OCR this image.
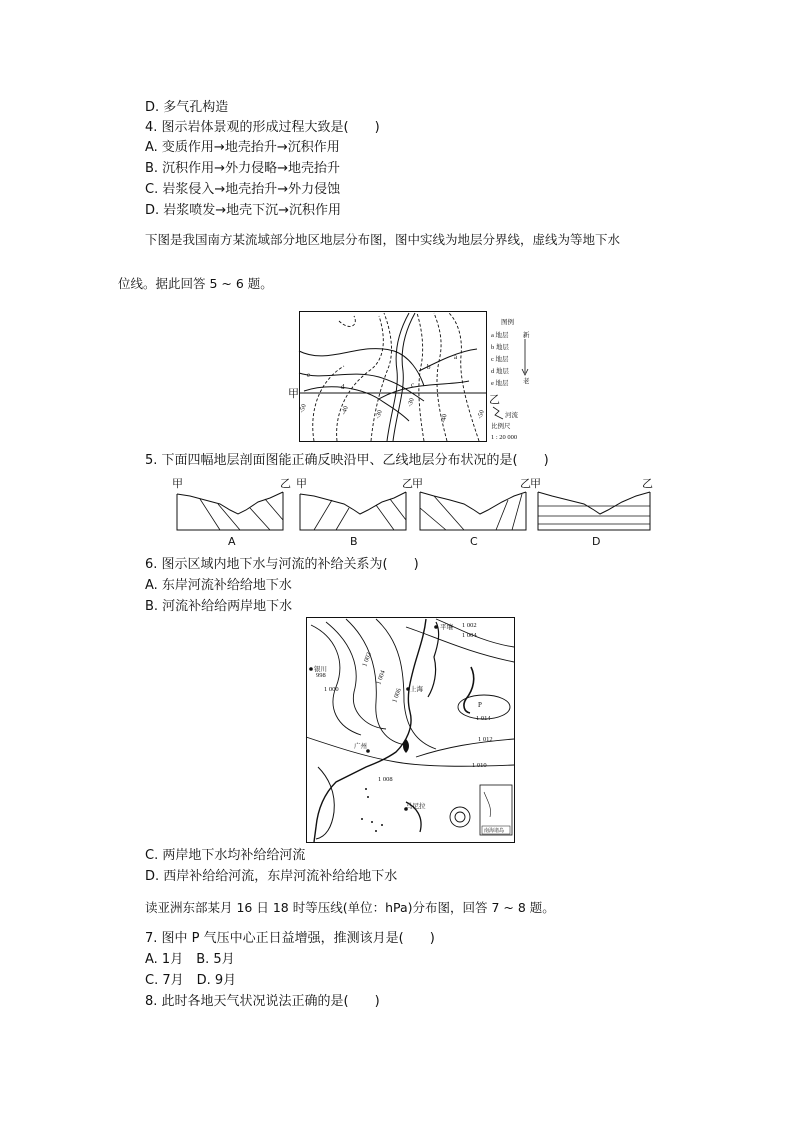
D. 多气孔构造
4. 图示岩体景观的形成过程大致是(　　)
A. 变质作用→地壳抬升→沉积作用
B. 沉积作用→外力侵略→地壳抬升
C. 岩浆侵入→地壳抬升→外力侵蚀
D. 岩浆喷发→地壳下沉→沉积作用
下图是我国南方某流域部分地区地层分布图，图中实线为地层分界线，虚线为等地下水
位线。据此回答 5 ~ 6 题。
甲	乙
a
b
c
d
e
-50	-40	-30
-30
-40	-50
图例
a 地层
b 地层
c 地层
d 地层
e 地层
新
老
河流
比例尺
1 : 20 000
5. 下面四幅地层剖面图能正确反映沿甲、乙线地层分布状况的是(　　)
甲	乙
A
甲	乙
B
甲	乙
C
甲	乙
D
6. 图示区域内地下水与河流的补给关系为(　　)
A. 东岸河流补给给地下水
B. 河流补给给两岸地下水
1 002
1 004
998
1 000
1 002
1 004
1 006
1 008
1 010
1 012
1 014
P
平壤
银川
上海
广州
马尼拉
南海诸岛
C. 两岸地下水均补给给河流
D. 西岸补给给河流，东岸河流补给给地下水
读亚洲东部某月 16 日 18 时等压线(单位：hPa)分布图，回答 7 ~ 8 题。
7. 图中 P 气压中心正日益增强，推测该月是(　　)
A. 1月　B. 5月
C. 7月　D. 9月
8. 此时各地天气状况说法正确的是(　　)
